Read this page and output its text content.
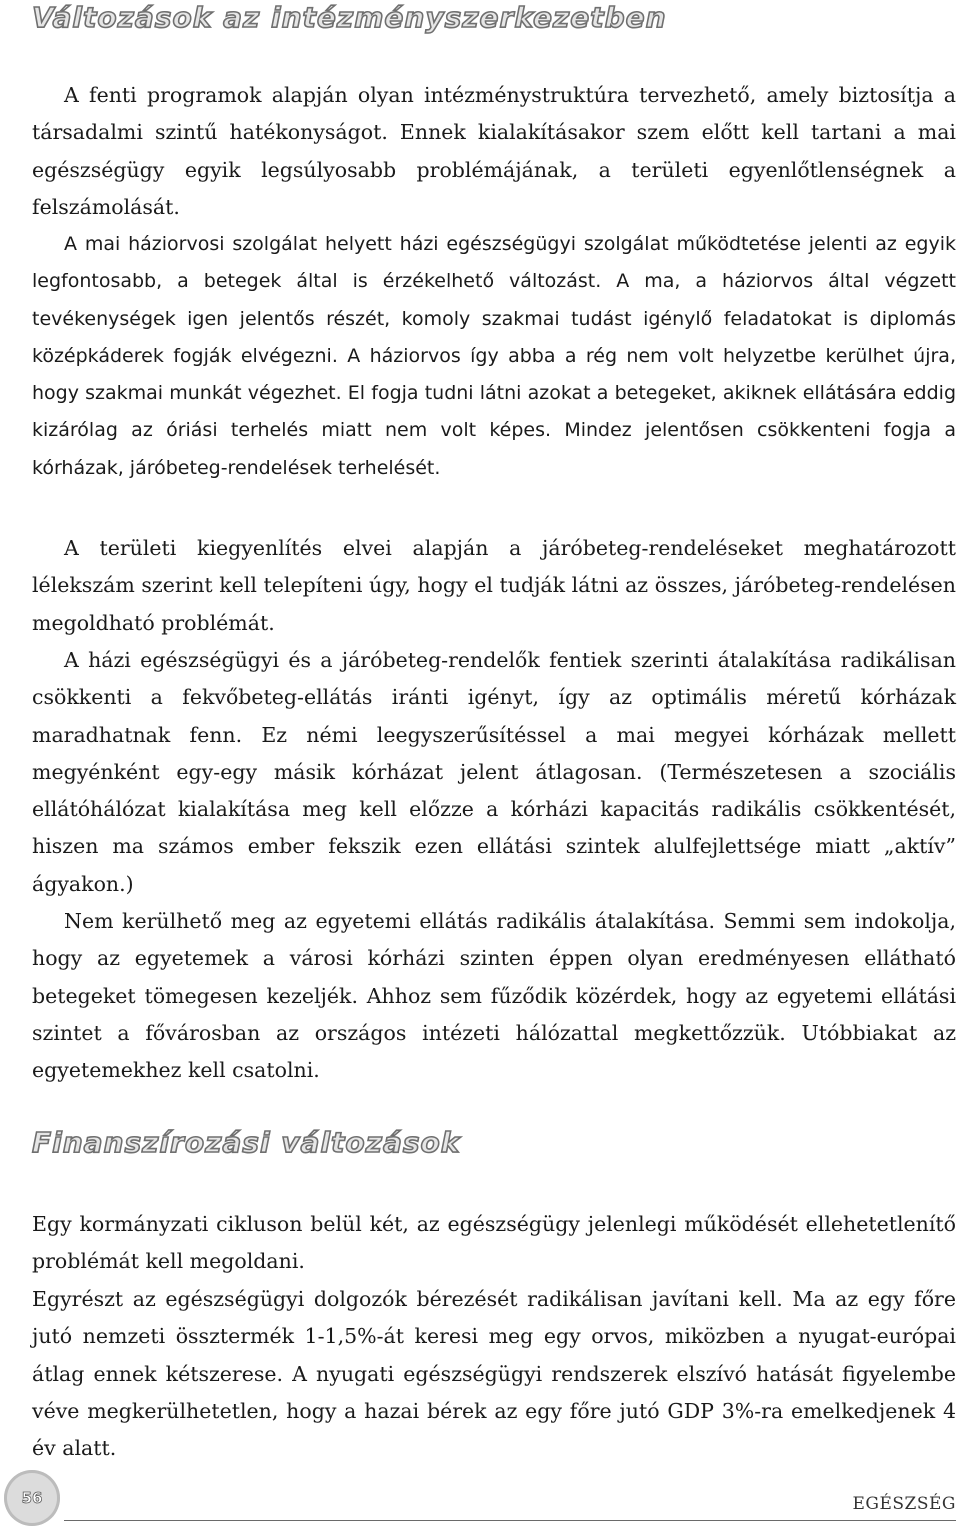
Változások az intézményszerkezetben

A fenti programok alapján olyan intézménystruktúra tervezhető, amely biztosítja a társadalmi szintű hatékonyságot. Ennek kialakításakor szem előtt kell tartani a mai egészségügy egyik legsúlyosabb problémájának, a területi egyenlőtlenségnek a felszámolását.

A mai háziorvosi szolgálat helyett házi egészségügyi szolgálat működtetése jelenti az egyik legfontosabb, a betegek által is érzékelhető változást. A ma, a háziorvos által végzett tevékenységek igen jelentős részét, komoly szakmai tudást igénylő feladatokat is diplomás középkáderek fogják elvégezni. A háziorvos így abba a rég nem volt helyzetbe kerülhet újra, hogy szakmai munkát végezhet. El fogja tudni látni azokat a betegeket, akiknek ellátására eddig kizárólag az óriási terhelés miatt nem volt képes. Mindez jelentősen csökkenteni fogja a kórházak, járóbeteg-rendelések terhelését.

A területi kiegyenlítés elvei alapján a járóbeteg-rendeléseket meghatározott lélekszám szerint kell telepíteni úgy, hogy el tudják látni az összes, járóbeteg-rendelésen megoldható problémát.

A házi egészségügyi és a járóbeteg-rendelők fentiek szerinti átalakítása radikálisan csökkenti a fekvőbeteg-ellátás iránti igényt, így az optimális méretű kórházak maradhatnak fenn. Ez némi leegyszerűsítéssel a mai megyei kórházak mellett megyénként egy-egy másik kórházat jelent átlagosan. (Természetesen a szociális ellátóhálózat kialakítása meg kell előzze a kórházi kapacitás radikális csökkentését, hiszen ma számos ember fekszik ezen ellátási szintek alulfejlettsége miatt „aktív” ágyakon.)

Nem kerülhető meg az egyetemi ellátás radikális átalakítása. Semmi sem indokolja, hogy az egyetemek a városi kórházi szinten éppen olyan eredményesen ellátható betegeket tömegesen kezeljék. Ahhoz sem fűződik közérdek, hogy az egyetemi ellátási szintet a fővárosban az országos intézeti hálózattal megkettőzzük. Utóbbiakat az egyetemekhez kell csatolni.

Finanszírozási változások

Egy kormányzati cikluson belül két, az egészségügy jelenlegi működését ellehetetlenítő problémát kell megoldani.

Egyrészt az egészségügyi dolgozók bérezését radikálisan javítani kell. Ma az egy főre jutó nemzeti össztermék 1-1,5%-át keresi meg egy orvos, miközben a nyugat-európai átlag ennek kétszerese. A nyugati egészségügyi rendszerek elszívó hatását figyelembe véve megkerülhetetlen, hogy a hazai bérek az egy főre jutó GDP 3%-ra emelkedjenek 4 év alatt.

56	EGÉSZSÉG
